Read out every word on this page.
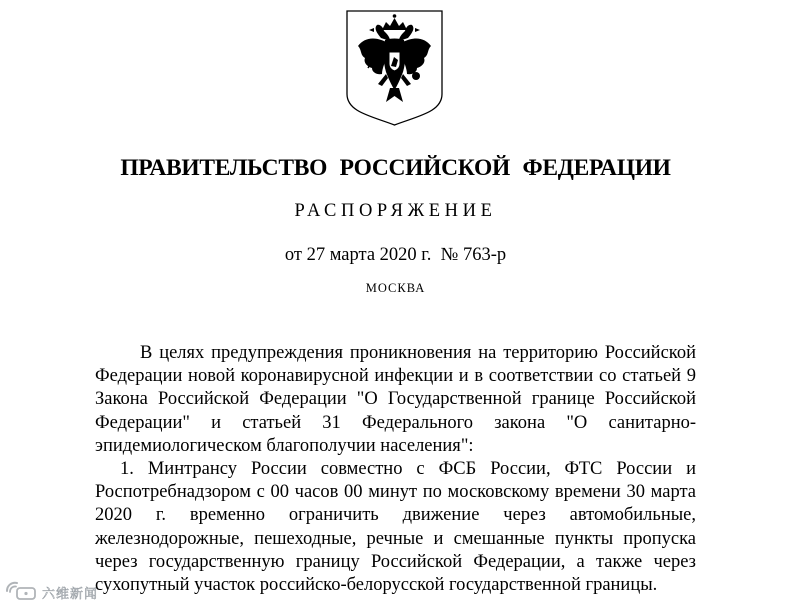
ПРАВИТЕЛЬСТВО РОССИЙСКОЙ ФЕДЕРАЦИИ
РАСПОРЯЖЕНИЕ
от 27 марта 2020 г.  № 763-р
МОСКВА
В целях предупреждения проникновения на территорию Российской Федерации новой коронавирусной инфекции и в соответствии со статьей 9 Закона Российской Федерации "О Государственной границе Российской Федерации" и статьей 31 Федерального закона "О санитарно-эпидемиологическом благополучии населения":
1. Минтрансу России совместно с ФСБ России, ФТС России и Роспотребнадзором с 00 часов 00 минут по московскому времени 30 марта 2020 г. временно ограничить движение через автомобильные, железнодорожные, пешеходные, речные и смешанные пункты пропуска через государственную границу Российской Федерации, а также через сухопутный участок российско-белорусской государственной границы.
六维新闻
